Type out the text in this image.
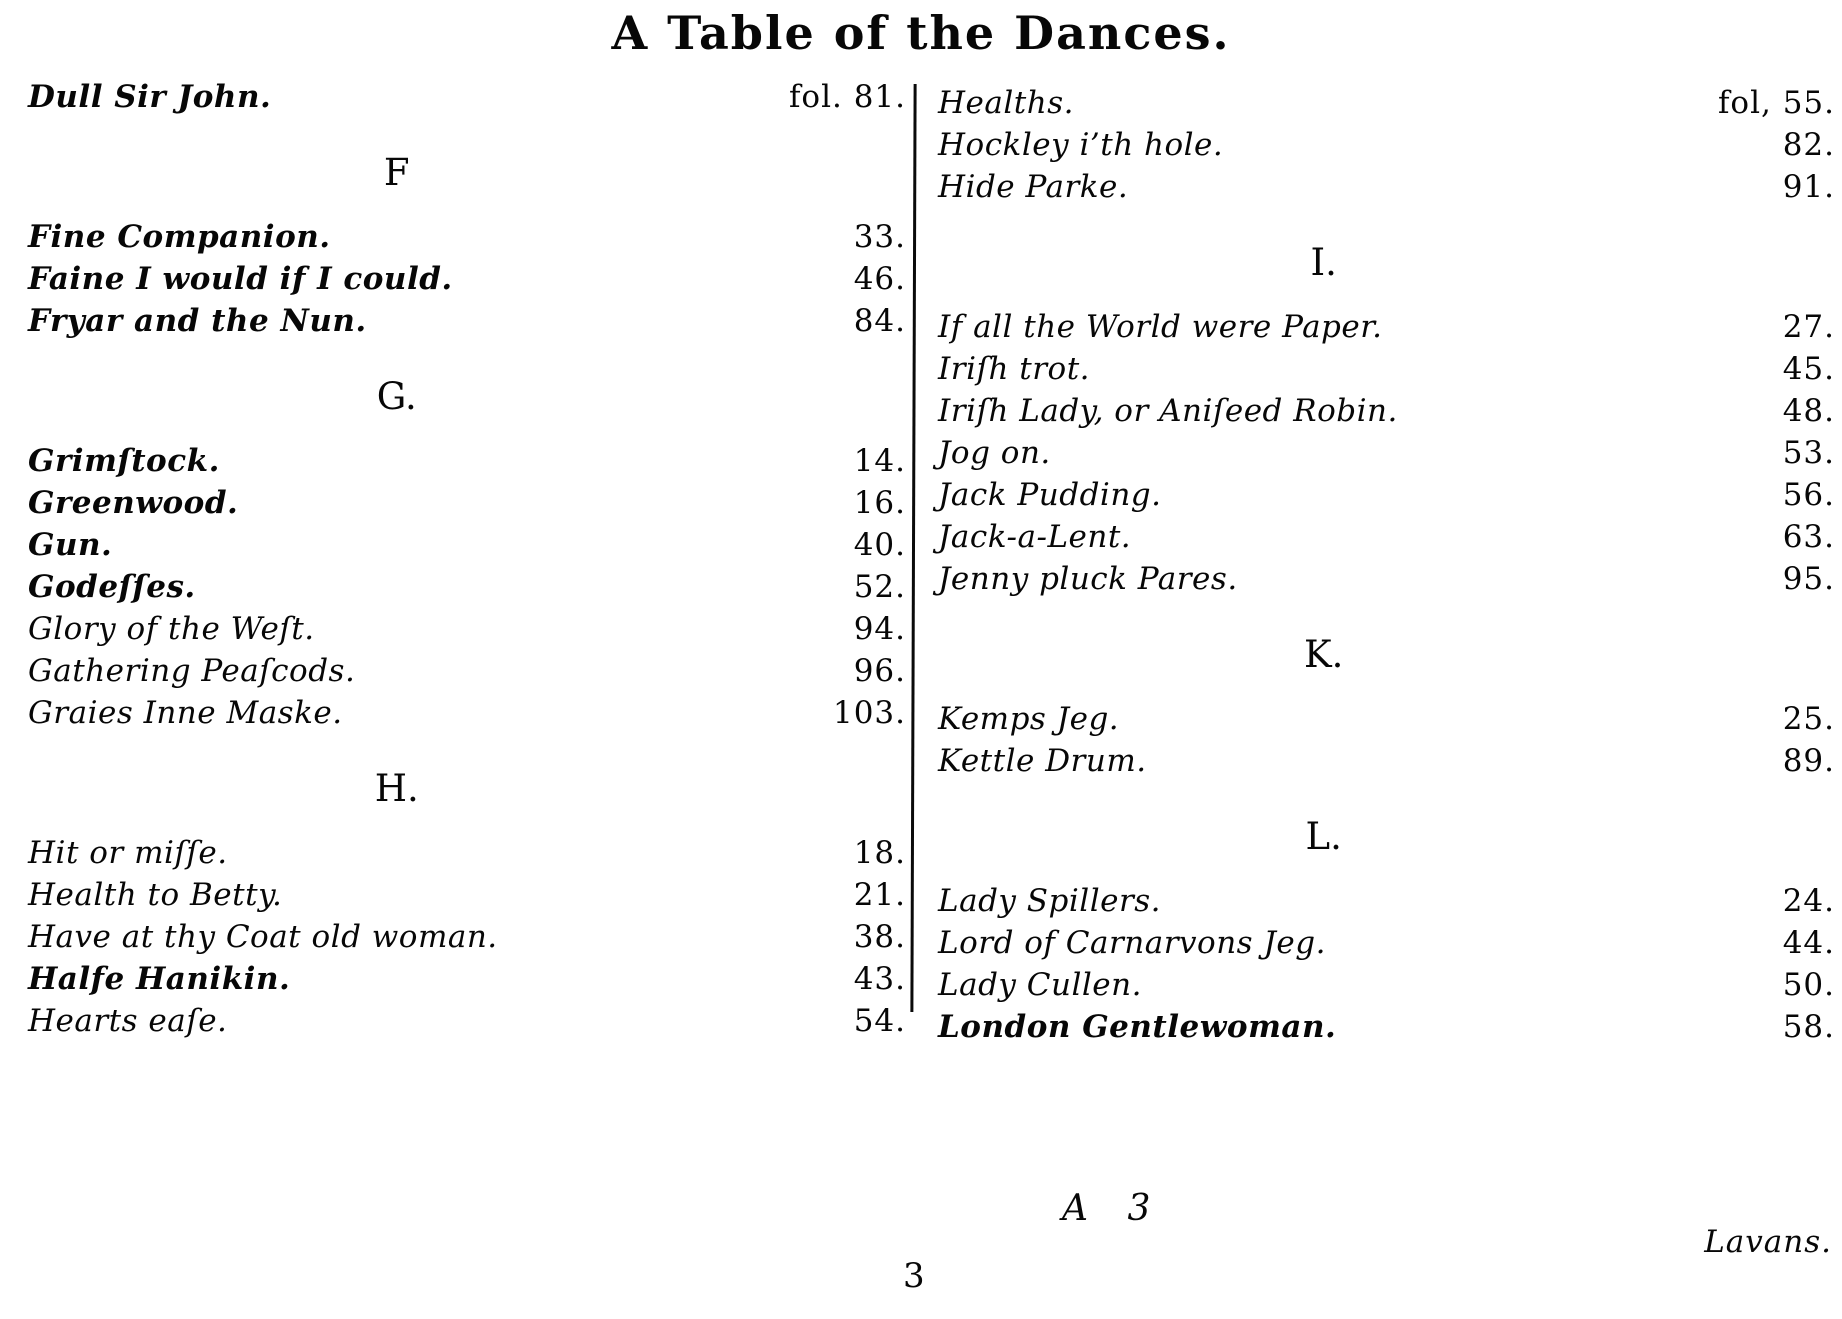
A Table of the Dances.
Dull Sir John.	fol. 81.
F
Fine Companion.	33.
Faine I would if I could.	46.
Fryar and the Nun.	84.
G.
Grimſtock.	14.
Greenwood.	16.
Gun.	40.
Godeſſes.	52.
Glory of the Weſt.	94.
Gathering Peaſcods.	96.
Graies Inne Maske.	103.
H.
Hit or miſſe.	18.
Health to Betty.	21.
Have at thy Coat old woman.	38.
Halfe Hanikin.	43.
Hearts eaſe.	54.
Healths.	fol, 55.
Hockley i’th hole.	82.
Hide Parke.	91.
I.
If all the World were Paper.	27.
Iriſh trot.	45.
Iriſh Lady, or Aniſeed Robin.	48.
Jog on.	53.
Jack Pudding.	56.
Jack-a-Lent.	63.
Jenny pluck Pares.	95.
K.
Kemps Jeg.	25.
Kettle Drum.	89.
L.
Lady Spillers.	24.
Lord of Carnarvons Jeg.	44.
Lady Cullen.	50.
London Gentlewoman.	58.
A 3
Lavans.
3
